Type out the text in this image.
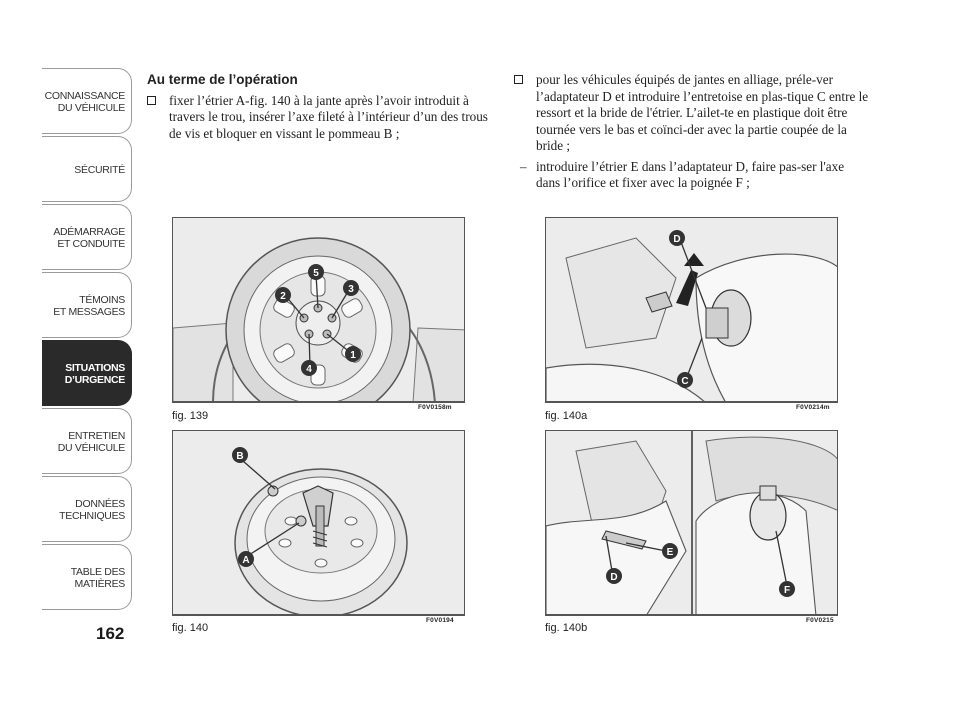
CONNAISSANCE
DU VÉHICULE
SÉCURITÉ
ADÉMARRAGE
ET CONDUITE
TÉMOINS
ET MESSAGES
SITUATIONS
D’URGENCE
ENTRETIEN
DU VÉHICULE
DONNÉES
TECHNIQUES
TABLE DES
MATIÈRES
162
Au terme de l’opération
fixer l’étrier A-fig. 140 à la jante après l’avoir introduit à travers le trou, insérer l’axe fileté à l’intérieur d’un des trous de vis et bloquer en vissant le pommeau B ;
pour les véhicules équipés de jantes en alliage, préle-ver l’adaptateur D et introduire l’entretoise en plas-tique C entre le ressort et la bride de l'étrier. L’ailet-te en plastique doit être tournée vers le bas et coïnci-der avec la partie coupée de la bride ;
– introduire l’étrier E dans l’adaptateur D, faire pas-ser l'axe dans l’orifice et fixer avec la poignée F ;
5
3
1
4
2
fig. 139
F0V0158m
B
A
fig. 140
F0V0194
D
C
fig. 140a
F0V0214m
E
D
F
fig. 140b
F0V0215
